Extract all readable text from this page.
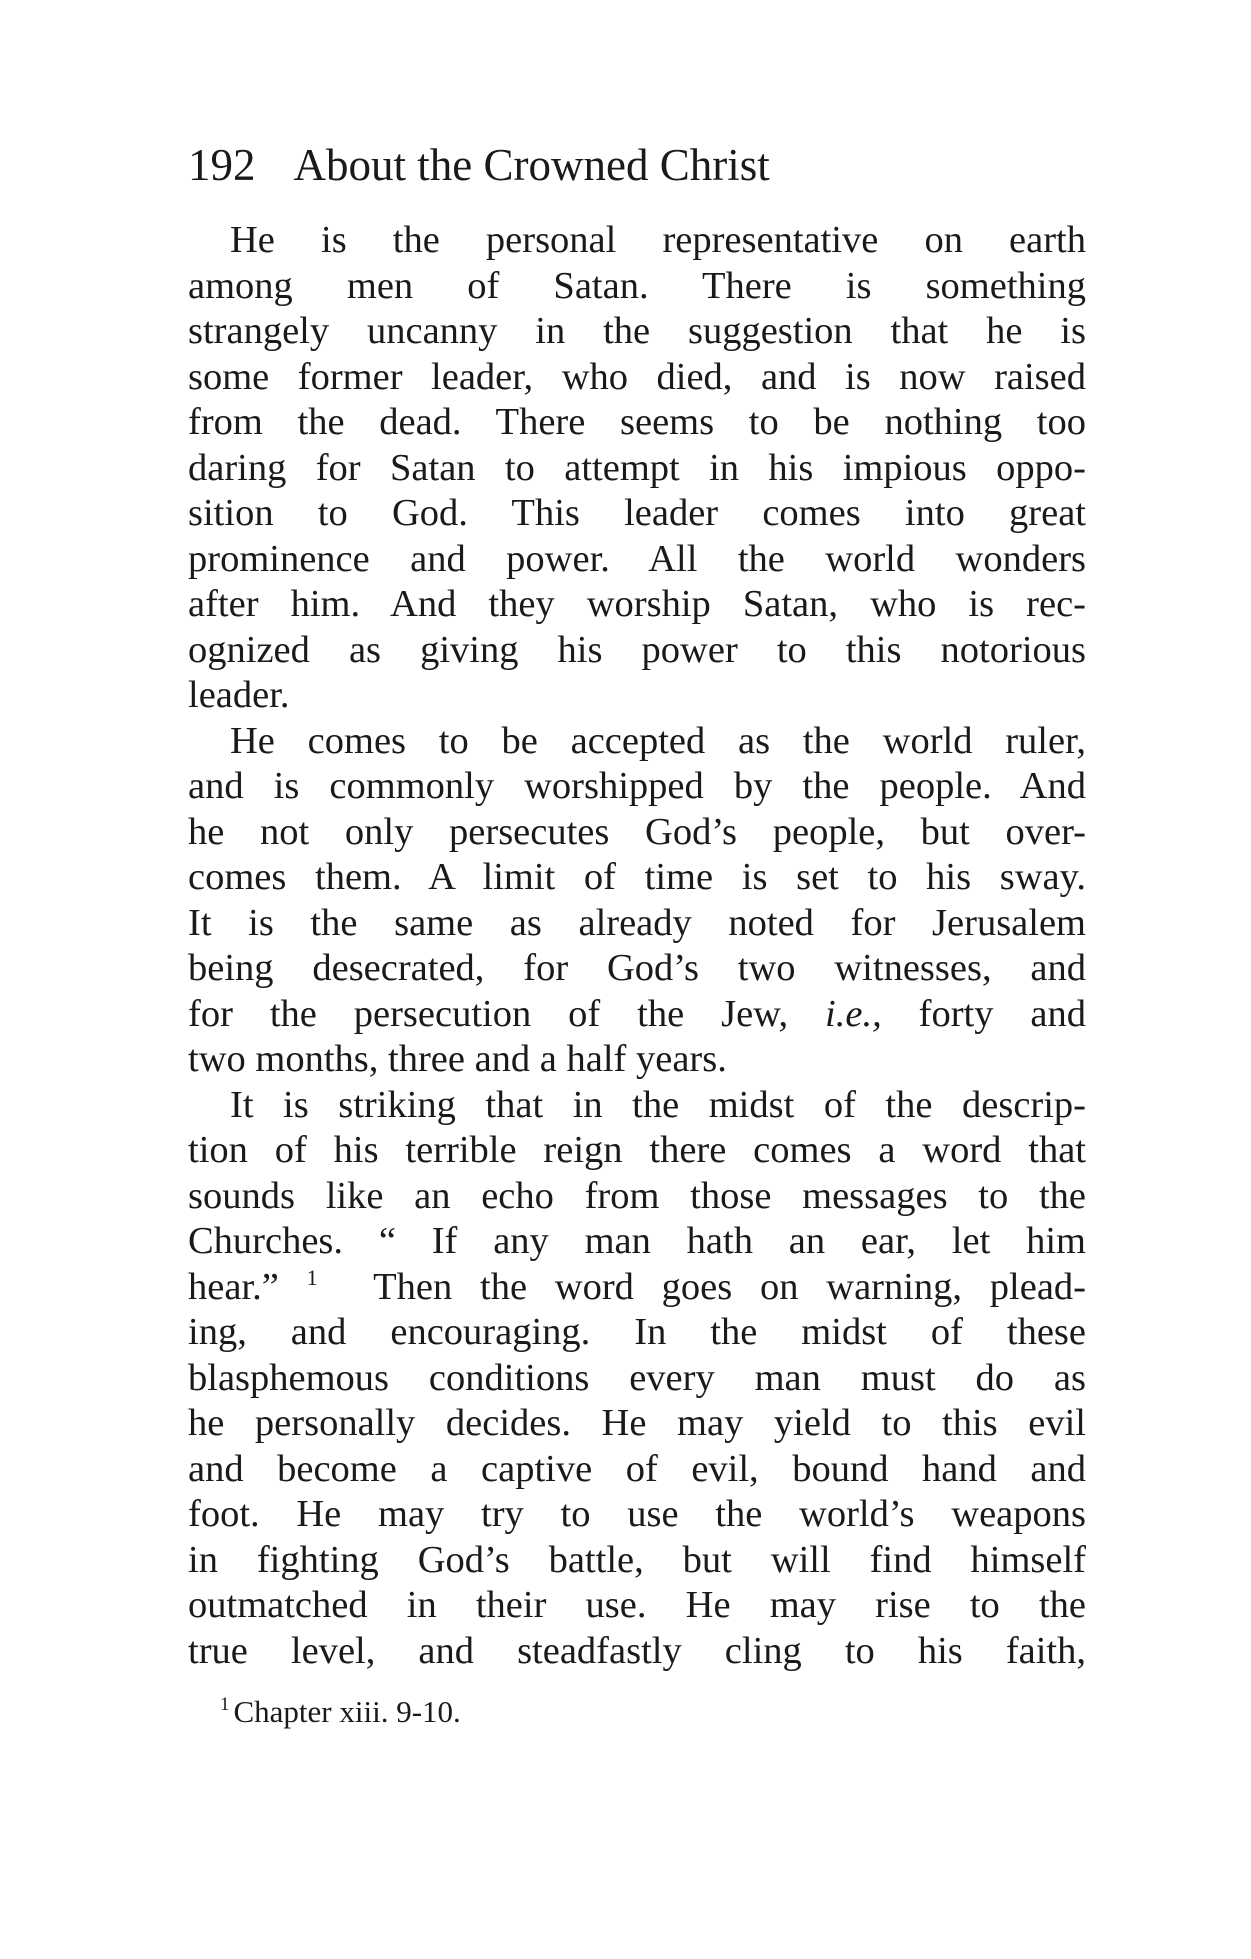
192 About the Crowned Christ
He is the personal representative on earth
among men of Satan. There is something
strangely uncanny in the suggestion that he is
some former leader, who died, and is now raised
from the dead. There seems to be nothing too
daring for Satan to attempt in his impious oppo-
sition to God. This leader comes into great
prominence and power. All the world wonders
after him. And they worship Satan, who is rec-
ognized as giving his power to this notorious
leader.
He comes to be accepted as the world ruler,
and is commonly worshipped by the people. And
he not only persecutes God’s people, but over-
comes them. A limit of time is set to his sway.
It is the same as already noted for Jerusalem
being desecrated, for God’s two witnesses, and
for the persecution of the Jew, i.e., forty and
two months, three and a half years.
It is striking that in the midst of the descrip-
tion of his terrible reign there comes a word that
sounds like an echo from those messages to the
Churches. “ If any man hath an ear, let him
hear.” $^1$ Then the word goes on warning, plead-
ing, and encouraging. In the midst of these
blasphemous conditions every man must do as
he personally decides. He may yield to this evil
and become a captive of evil, bound hand and
foot. He may try to use the world’s weapons
in fighting God’s battle, but will find himself
outmatched in their use. He may rise to the
true level, and steadfastly cling to his faith,
$^1$ Chapter xiii. 9-10.
